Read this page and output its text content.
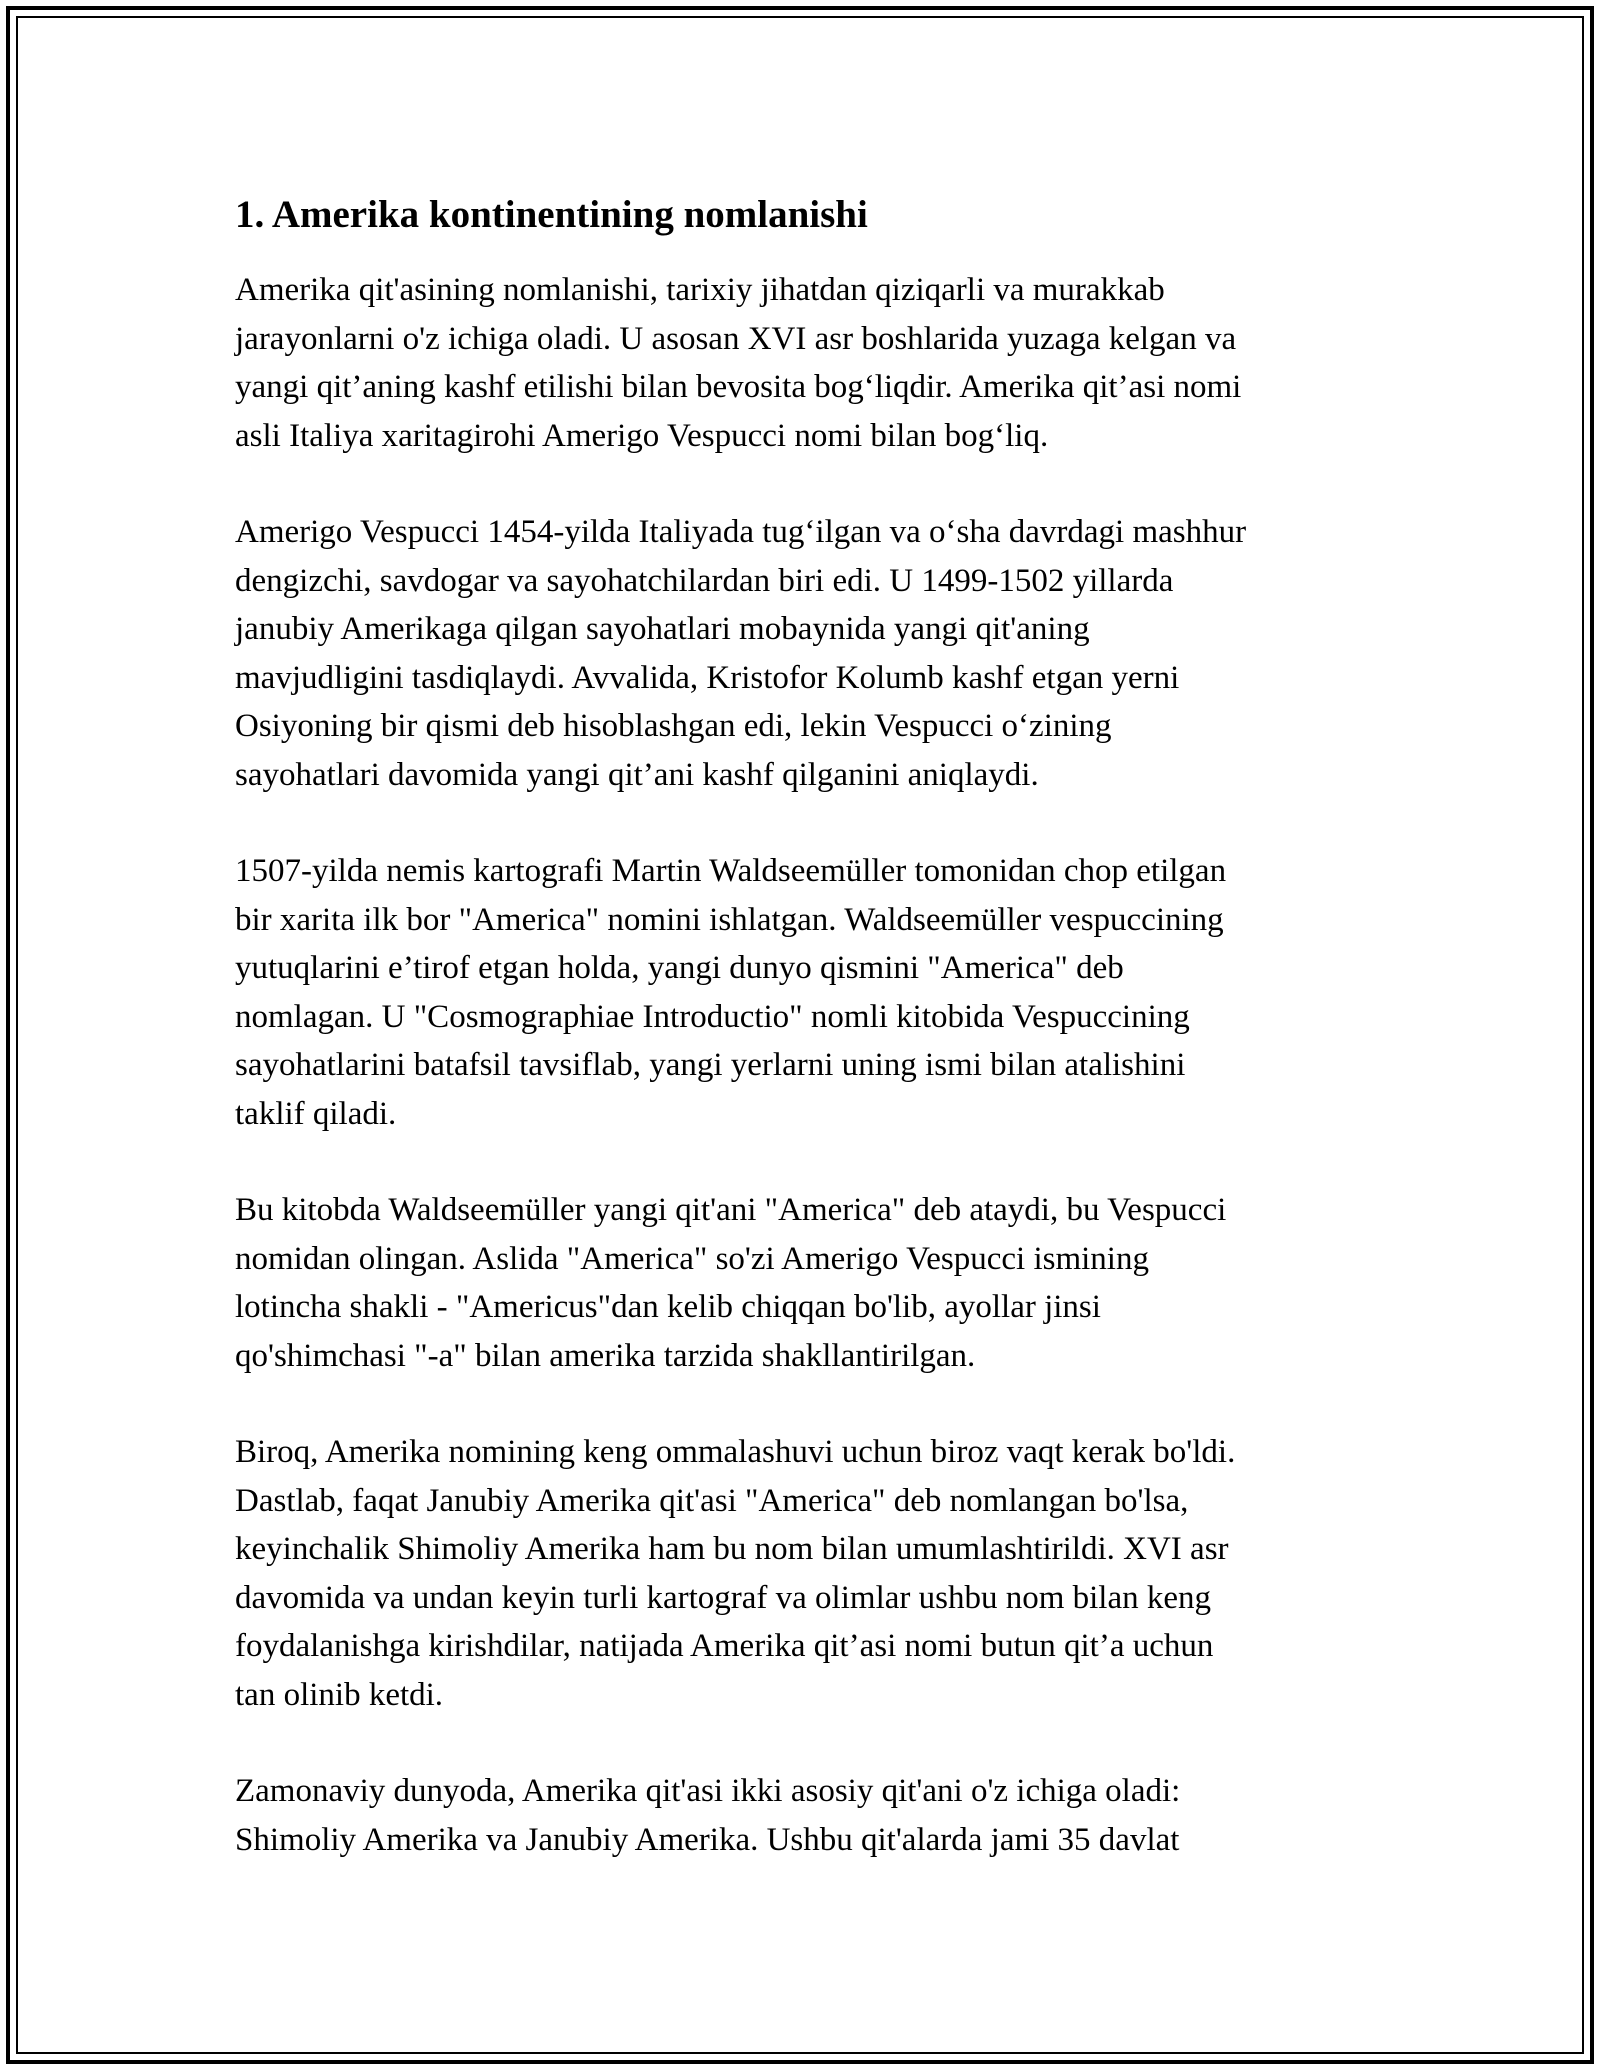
1. Amerika kontinentining nomlanishi

Amerika qit'asining nomlanishi, tarixiy jihatdan qiziqarli va murakkab
jarayonlarni o'z ichiga oladi. U asosan XVI asr boshlarida yuzaga kelgan va
yangi qit’aning kashf etilishi bilan bevosita bog‘liqdir. Amerika qit’asi nomi
asli Italiya xaritagirohi Amerigo Vespucci nomi bilan bog‘liq.

Amerigo Vespucci 1454-yilda Italiyada tug‘ilgan va o‘sha davrdagi mashhur
dengizchi, savdogar va sayohatchilardan biri edi. U 1499-1502 yillarda
janubiy Amerikaga qilgan sayohatlari mobaynida yangi qit'aning
mavjudligini tasdiqlaydi. Avvalida, Kristofor Kolumb kashf etgan yerni
Osiyoning bir qismi deb hisoblashgan edi, lekin Vespucci o‘zining
sayohatlari davomida yangi qit’ani kashf qilganini aniqlaydi.

1507-yilda nemis kartografi Martin Waldseemüller tomonidan chop etilgan
bir xarita ilk bor "America" nomini ishlatgan. Waldseemüller vespuccining
yutuqlarini e’tirof etgan holda, yangi dunyo qismini "America" deb
nomlagan. U "Cosmographiae Introductio" nomli kitobida Vespuccining
sayohatlarini batafsil tavsiflab, yangi yerlarni uning ismi bilan atalishini
taklif qiladi.

Bu kitobda Waldseemüller yangi qit'ani "America" deb ataydi, bu Vespucci
nomidan olingan. Aslida "America" so'zi Amerigo Vespucci ismining
lotincha shakli - "Americus"dan kelib chiqqan bo'lib, ayollar jinsi
qo'shimchasi "-a" bilan amerika tarzida shakllantirilgan.

Biroq, Amerika nomining keng ommalashuvi uchun biroz vaqt kerak bo'ldi.
Dastlab, faqat Janubiy Amerika qit'asi "America" deb nomlangan bo'lsa,
keyinchalik Shimoliy Amerika ham bu nom bilan umumlashtirildi. XVI asr
davomida va undan keyin turli kartograf va olimlar ushbu nom bilan keng
foydalanishga kirishdilar, natijada Amerika qit’asi nomi butun qit’a uchun
tan olinib ketdi.

Zamonaviy dunyoda, Amerika qit'asi ikki asosiy qit'ani o'z ichiga oladi:
Shimoliy Amerika va Janubiy Amerika. Ushbu qit'alarda jami 35 davlat
